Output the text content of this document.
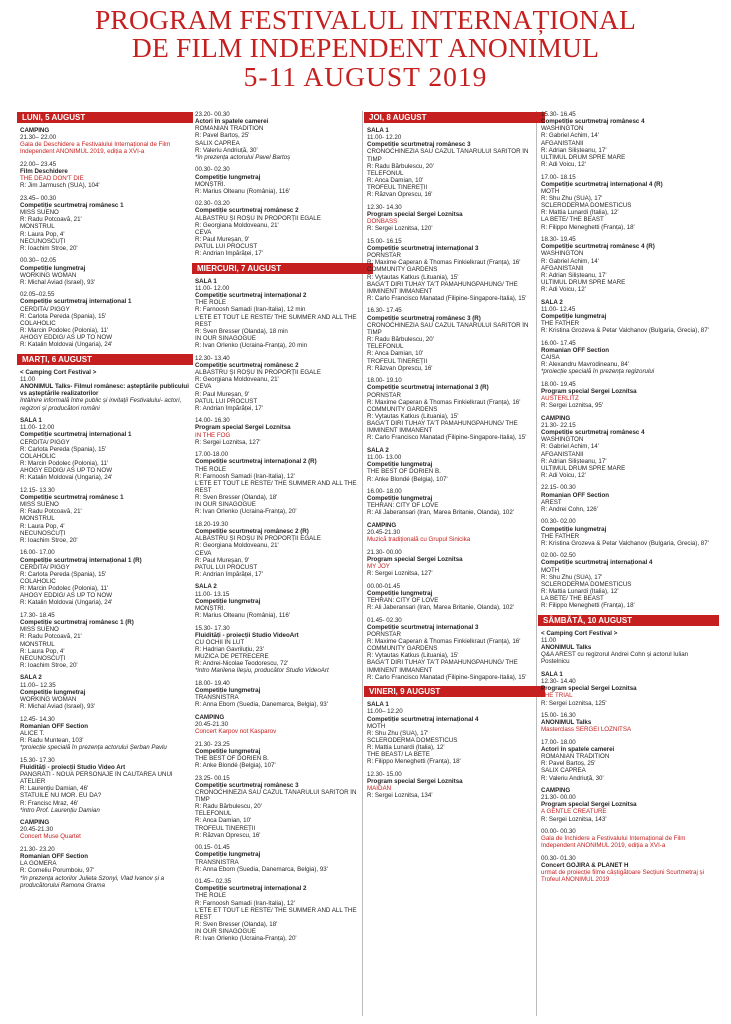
PROGRAM FESTIVALUL INTERNAȚIONAL
DE FILM INDEPENDENT ANONIMUL
5-11 AUGUST 2019
LUNI, 5 AUGUST
CAMPING
21.30– 22.00
Gala de Deschidere a Festivalului Internațional de Film Independent ANONIMUL 2019, ediția a XVI-a
22.00– 23.45
Film Deschidere
THE DEAD DON'T DIE
R: Jim Jarmusch (SUA), 104'
23.45– 00.30
Competiție scurtmetraj românesc 1
MISS SUENO
R: Radu Potcoavă, 21'
MONSTRUL
R: Laura Pop, 4'
NECUNOSCUȚI
R: Ioachim Stroe, 20'
00.30– 02.05
Competiție lungmetraj
WORKING WOMAN
R: Michal Aviad (Israel), 93'
02.05–02.55
Competiție scurtmetraj internațional 1
CERDITA/ PIGGY
R: Carlota Pereda (Spania), 15'
COLAHOLIC
R: Marcin Podolec (Polonia), 11'
AHOGY EDDIG/ AS UP TO NOW
R: Katalin Moldovai (Ungaria), 24'
MARȚI, 6 AUGUST
< Camping Cort Festival >
11.00
ANONIMUL Talks- Filmul românesc: așteptările publicului vs așteptările realizatorilor
Întâlnire informală între public și invitații Festivalului- actori, regizori și producători români
SALA 1
11.00- 12.00
Competiție scurtmetraj internațional 1
CERDITA/ PIGGY
R: Carlota Pereda (Spania), 15'
COLAHOLIC
R: Marcin Podolec (Polonia), 11'
AHOGY EDDIG/ AS UP TO NOW
R: Katalin Moldovai (Ungaria), 24'
12.15- 13.30
Competiție scurtmetraj românesc 1
MISS SUENO
R: Radu Potcoavă, 21'
MONSTRUL
R: Laura Pop, 4'
NECUNOSCUȚI
R: Ioachim Stroe, 20'
16.00- 17.00
Competiție scurtmetraj internațional 1 (R)
CERDITA/ PIGGY
R: Carlota Pereda (Spania), 15'
COLAHOLIC
R: Marcin Podolec (Polonia), 11'
AHOGY EDDIG/ AS UP TO NOW
R: Katalin Moldovai (Ungaria), 24'
17.30- 18.45
Competiție scurtmetraj românesc 1 (R)
MISS SUENO
R: Radu Potcoavă, 21'
MONSTRUL
R: Laura Pop, 4'
NECUNOSCUȚI
R: Ioachim Stroe, 20'
SALA 2
11.00– 12.35
Competiție lungmetraj
WORKING WOMAN
R: Michal Aviad (Israel), 93'
12.45- 14.30
Romanian OFF Section
ALICE T.
R: Radu Muntean, 103'
*proiecție specială în prezența actorului Șerban Pavlu
15.30- 17.30
Fluidități - proiecții Studio Video Art
PANGRATI - NOUĂ PERSONAJE ÎN CĂUTAREA UNUI ATELIER
R: Laurențiu Damian, 46'
STATUILE NU MOR. EU DA?
R: Francisc Mraz, 46'
*intro Prof. Laurențiu Damian
CAMPING
20.45-21.30
Concert Muse Quartet
21.30- 23.20
Romanian OFF Section
LA GOMERA
R: Corneliu Porumboiu, 97'
*în prezența actorilor Julieta Szonyi, Vlad Ivanov și a producătorului Ramona Grama
23.20- 00.30
Actori în spatele camerei
ROMANIAN TRADITION
R: Pavel Bartoș, 25'
SALIX CAPREA
R: Valeriu Andriuță, 30'
*în prezența actorului Pavel Bartoș
00.30- 02.30
Competiție lungmetraj
MONȘTRI.
R: Marius Olteanu (România), 116'
02.30- 03.20
Competiție scurtmetraj românesc 2
ALBASTRU ȘI ROȘU ÎN PROPORȚII EGALE
R: Georgiana Moldoveanu, 21'
CEVA
R: Paul Mureșan, 9'
PATUL LUI PROCUST
R: Andrian Împărăței, 17'
MIERCURI, 7 AUGUST
SALA 1
11.00- 12.00
Competiție scurtmetraj internațional 2
THE ROLE
R: Farnoosh Samadi (Iran-Italia), 12 min
L'ÉTÉ ET TOUT LE RESTE/ THE SUMMER AND ALL THE REST
R: Sven Bresser (Olanda), 18 min
IN OUR SINAGOGUE
R: Ivan Orlenko (Ucraina-Franța), 20 min
12.30- 13.40
Competiție scurtmetraj românesc 2
ALBASTRU ȘI ROȘU ÎN PROPORȚII EGALE
R: Georgiana Moldoveanu, 21'
CEVA
R: Paul Mureșan, 9'
PATUL LUI PROCUST
R: Andrian Împărăței, 17'
14.00- 16.30
Program special Sergei Loznitsa
IN THE FOG
R: Sergei Loznitsa, 127'
17.00-18.00
Competiție scurtmetraj internațional 2 (R)
THE ROLE
R: Farnoosh Samadi (Iran-Italia), 12'
L'ÉTÉ ET TOUT LE RESTE/ THE SUMMER AND ALL THE REST
R: Sven Bresser (Olanda), 18'
IN OUR SINAGOGUE
R: Ivan Orlenko (Ucraina-Franța), 20'
18.20-19.30
Competiție scurtmetraj românesc 2 (R)
ALBASTRU ȘI ROȘU ÎN PROPORȚII EGALE
R: Georgiana Moldoveanu, 21'
CEVA
R: Paul Mureșan, 9'
PATUL LUI PROCUST
R: Andrian Împărăței, 17'
SALA 2
11.00- 13.15
Competiție lungmetraj
MONȘTRI.
R: Marius Olteanu (România), 116'
15.30- 17.30
Fluidități - proiecții Studio VideoArt
CU OCHII ÎN LUT
R: Hadrian Gavriluțiu, 23'
MUZICĂ DE PETRECERE
R: Andrei-Nicolae Teodorescu, 72'
*intro Marilena Ileșiu, producător Studio VideoArt
18.00- 19.40
Competiție lungmetraj
TRANSNISTRA
R: Anna Eborn (Suedia, Danemarca, Belgia), 93'
CAMPING
20.45-21.30
Concert Karpov not Kasparov
21.30- 23.25
Competiție lungmetraj
THE BEST OF DORIEN B.
R: Anke Blondé (Belgia), 107'
23.25- 00.15
Competiție scurtmetraj românesc 3
CRONOCHINEZIA SAU CAZUL TÂNĂRULUI SĂRITOR ÎN TIMP
R: Radu Bărbulescu, 20'
TELEFONUL
R: Anca Damian, 10'
TROFEUL TINEREȚII
R: Răzvan Oprescu, 16'
00.15- 01.45
Competiție lungmetraj
TRANSNISTRA
R: Anna Eborn (Suedia, Danemarca, Belgia), 93'
01.45– 02.35
Competiție scurtmetraj internațional 2
THE ROLE
R: Farnoosh Samadi (Iran-Italia), 12'
L'ÉTÉ ET TOUT LE RESTE/ THE SUMMER AND ALL THE REST
R: Sven Bresser (Olanda), 18'
IN OUR SINAGOGUE
R: Ivan Orlenko (Ucraina-Franța), 20'
JOI, 8 AUGUST
SALA 1
11.00- 12.20
Competiție scurtmetraj românesc 3
CRONOCHINEZIA SAU CAZUL TÂNĂRULUI SĂRITOR ÎN TIMP
R: Radu Bărbulescu, 20'
TELEFONUL
R: Anca Damian, 10'
TROFEUL TINEREȚII
R: Răzvan Oprescu, 16'
12.30- 14.30
Program special Sergei Loznitsa
DONBASS
R: Sergei Loznitsa, 120'
15.00- 16.15
Competiție scurtmetraj internațional 3
PORNSTAR
R: Maxime Caperan & Thomas Finkielkraut (Franța), 16'
COMMUNITY GARDENS
R: Vytautas Katkus (Lituania), 15'
BAGA'T DIRI TUHAY TA'T PAMAHUNGPAHUNG/ THE IMMINENT IMMANENT
R: Carlo Francisco Manatad (Filipine-Singapore-Italia), 15'
16.30- 17.45
Competiție scurtmetraj românesc 3 (R)
CRONOCHINEZIA SAU CAZUL TÂNĂRULUI SĂRITOR ÎN TIMP
R: Radu Bărbulescu, 20'
TELEFONUL
R: Anca Damian, 10'
TROFEUL TINEREȚII
R: Răzvan Oprescu, 16'
18.00- 19.10
Competiție scurtmetraj internațional 3 (R)
PORNSTAR
R: Maxime Caperan & Thomas Finkielkraut (Franța), 16'
COMMUNITY GARDENS
R: Vytautas Katkus (Lituania), 15'
BAGA'T DIRI TUHAY TA'T PAMAHUNGPAHUNG/ THE IMMINENT IMMANENT
R: Carlo Francisco Manatad (Filipine-Singapore-Italia), 15'
SALA 2
11.00- 13.00
Competiție lungmetraj
THE BEST OF DORIEN B.
R: Anke Blondé (Belgia), 107'
16.00- 18.00
Competiție lungmetraj
TEHRAN: CITY OF LOVE
R: Ali Jaberansari (Iran, Marea Britanie, Olanda), 102'
CAMPING
20.45-21.30
Muzică tradițională cu Grupul Sinicika
21.30- 00.00
Program special Sergei Loznitsa
MY JOY
R: Sergei Loznitsa, 127'
00.00-01.45
Competiție lungmetraj
TEHRAN: CITY OF LOVE
R: Ali Jaberansari (Iran, Marea Britanie, Olanda), 102'
01.45- 02.30
Competiție scurtmetraj internațional 3
PORNSTAR
R: Maxime Caperan & Thomas Finkielkraut (Franța), 16'
COMMUNITY GARDENS
R: Vytautas Katkus (Lituania), 15'
BAGA'T DIRI TUHAY TA'T PAMAHUNGPAHUNG/ THE IMMINENT IMMANENT
R: Carlo Francisco Manatad (Filipine-Singapore-Italia), 15'
VINERI, 9 AUGUST
SALA 1
11.00– 12.20
Competiție scurtmetraj internațional 4
MOTH
R: Shu Zhu (SUA), 17'
SCLERODERMA DOMESTICUS
R: Mattia Lunardi (Italia), 12'
THE BEAST/ LA BÊTE
R: Filippo Meneghetti (Franța), 18'
12.30- 15.00
Program special Sergei Loznitsa
MAIDAN
R: Sergei Loznitsa, 134'
15.30- 16.45
Competiție scurtmetraj românesc 4
WASHINGTON
R: Gabriel Achim, 14'
AFGANISTANII
R: Adrian Silișteanu, 17'
ULTIMUL DRUM SPRE MARE
R: Adi Voicu, 12'
17.00- 18.15
Competiție scurtmetraj internațional 4 (R)
MOTH
R: Shu Zhu (SUA), 17'
SCLERODERMA DOMESTICUS
R: Mattia Lunardi (Italia), 12'
LA BÊTE/ THE BEAST
R: Filippo Meneghetti (Franța), 18'
18.30- 19.45
Competiție scurtmetraj românesc 4 (R)
WASHINGTON
R: Gabriel Achim, 14'
AFGANISTANII
R: Adrian Silișteanu, 17'
ULTIMUL DRUM SPRE MARE
R: Adi Voicu, 12'
SALA 2
11.00- 12.45
Competiție lungmetraj
THE FATHER
R: Kristina Grozeva & Petar Valchanov (Bulgaria, Grecia), 87'
16.00- 17.45
Romanian OFF Section
CAISĂ
R: Alexandru Mavrodineanu, 84'
*proiecție specială în prezența regizorului
18.00- 19.45
Program special Sergei Loznitsa
AUSTERLITZ
R: Sergei Loznitsa, 95'
CAMPING
21.30- 22.15
Competiție scurtmetraj românesc 4
WASHINGTON
R: Gabriel Achim, 14'
AFGANISTANII
R: Adrian Silișteanu, 17'
ULTIMUL DRUM SPRE MARE
R: Adi Voicu, 12'
22.15- 00.30
Romanian OFF Section
AREST
R: Andrei Cohn, 126'
00.30- 02.00
Competiție lungmetraj
THE FATHER
R: Kristina Grozeva & Petar Valchanov (Bulgaria, Grecia), 87'
02.00- 02.50
Competiție scurtmetraj internațional 4
MOTH
R: Shu Zhu (SUA), 17'
SCLERODERMA DOMESTICUS
R: Mattia Lunardi (Italia), 12'
LA BÊTE/ THE BEAST
R: Filippo Meneghetti (Franța), 18'
SÂMBĂTĂ, 10 AUGUST
< Camping Cort Festival >
11.00
ANONIMUL Talks
Q&A AREST cu regizorul Andrei Cohn și actorul Iulian Postelnicu
SALA 1
12.30- 14.40
Program special Sergei Loznitsa
THE TRIAL
R: Sergei Loznitsa, 125'
15.00- 16.30
ANONIMUL Talks
Masterclass SERGEI LOZNITSA
17.00- 18.00
Actori în spatele camerei
ROMANIAN TRADITION
R: Pavel Bartoș, 25'
SALIX CAPREA
R: Valeriu Andriuță, 30'
CAMPING
21.30- 00.00
Program special Sergei Loznitsa
A GENTLE CREATURE
R: Sergei Loznitsa, 143'
00.00- 00.30
Gala de Închidere a Festivalului Internațional de Film Independent ANONIMUL 2019, ediția a XVI-a
00.30- 01.30
Concert GOJIRA & PLANET H
urmat de proiecție filme câștigătoare Secțiuni Scurtmetraj și Trofeul ANONIMUL 2019
